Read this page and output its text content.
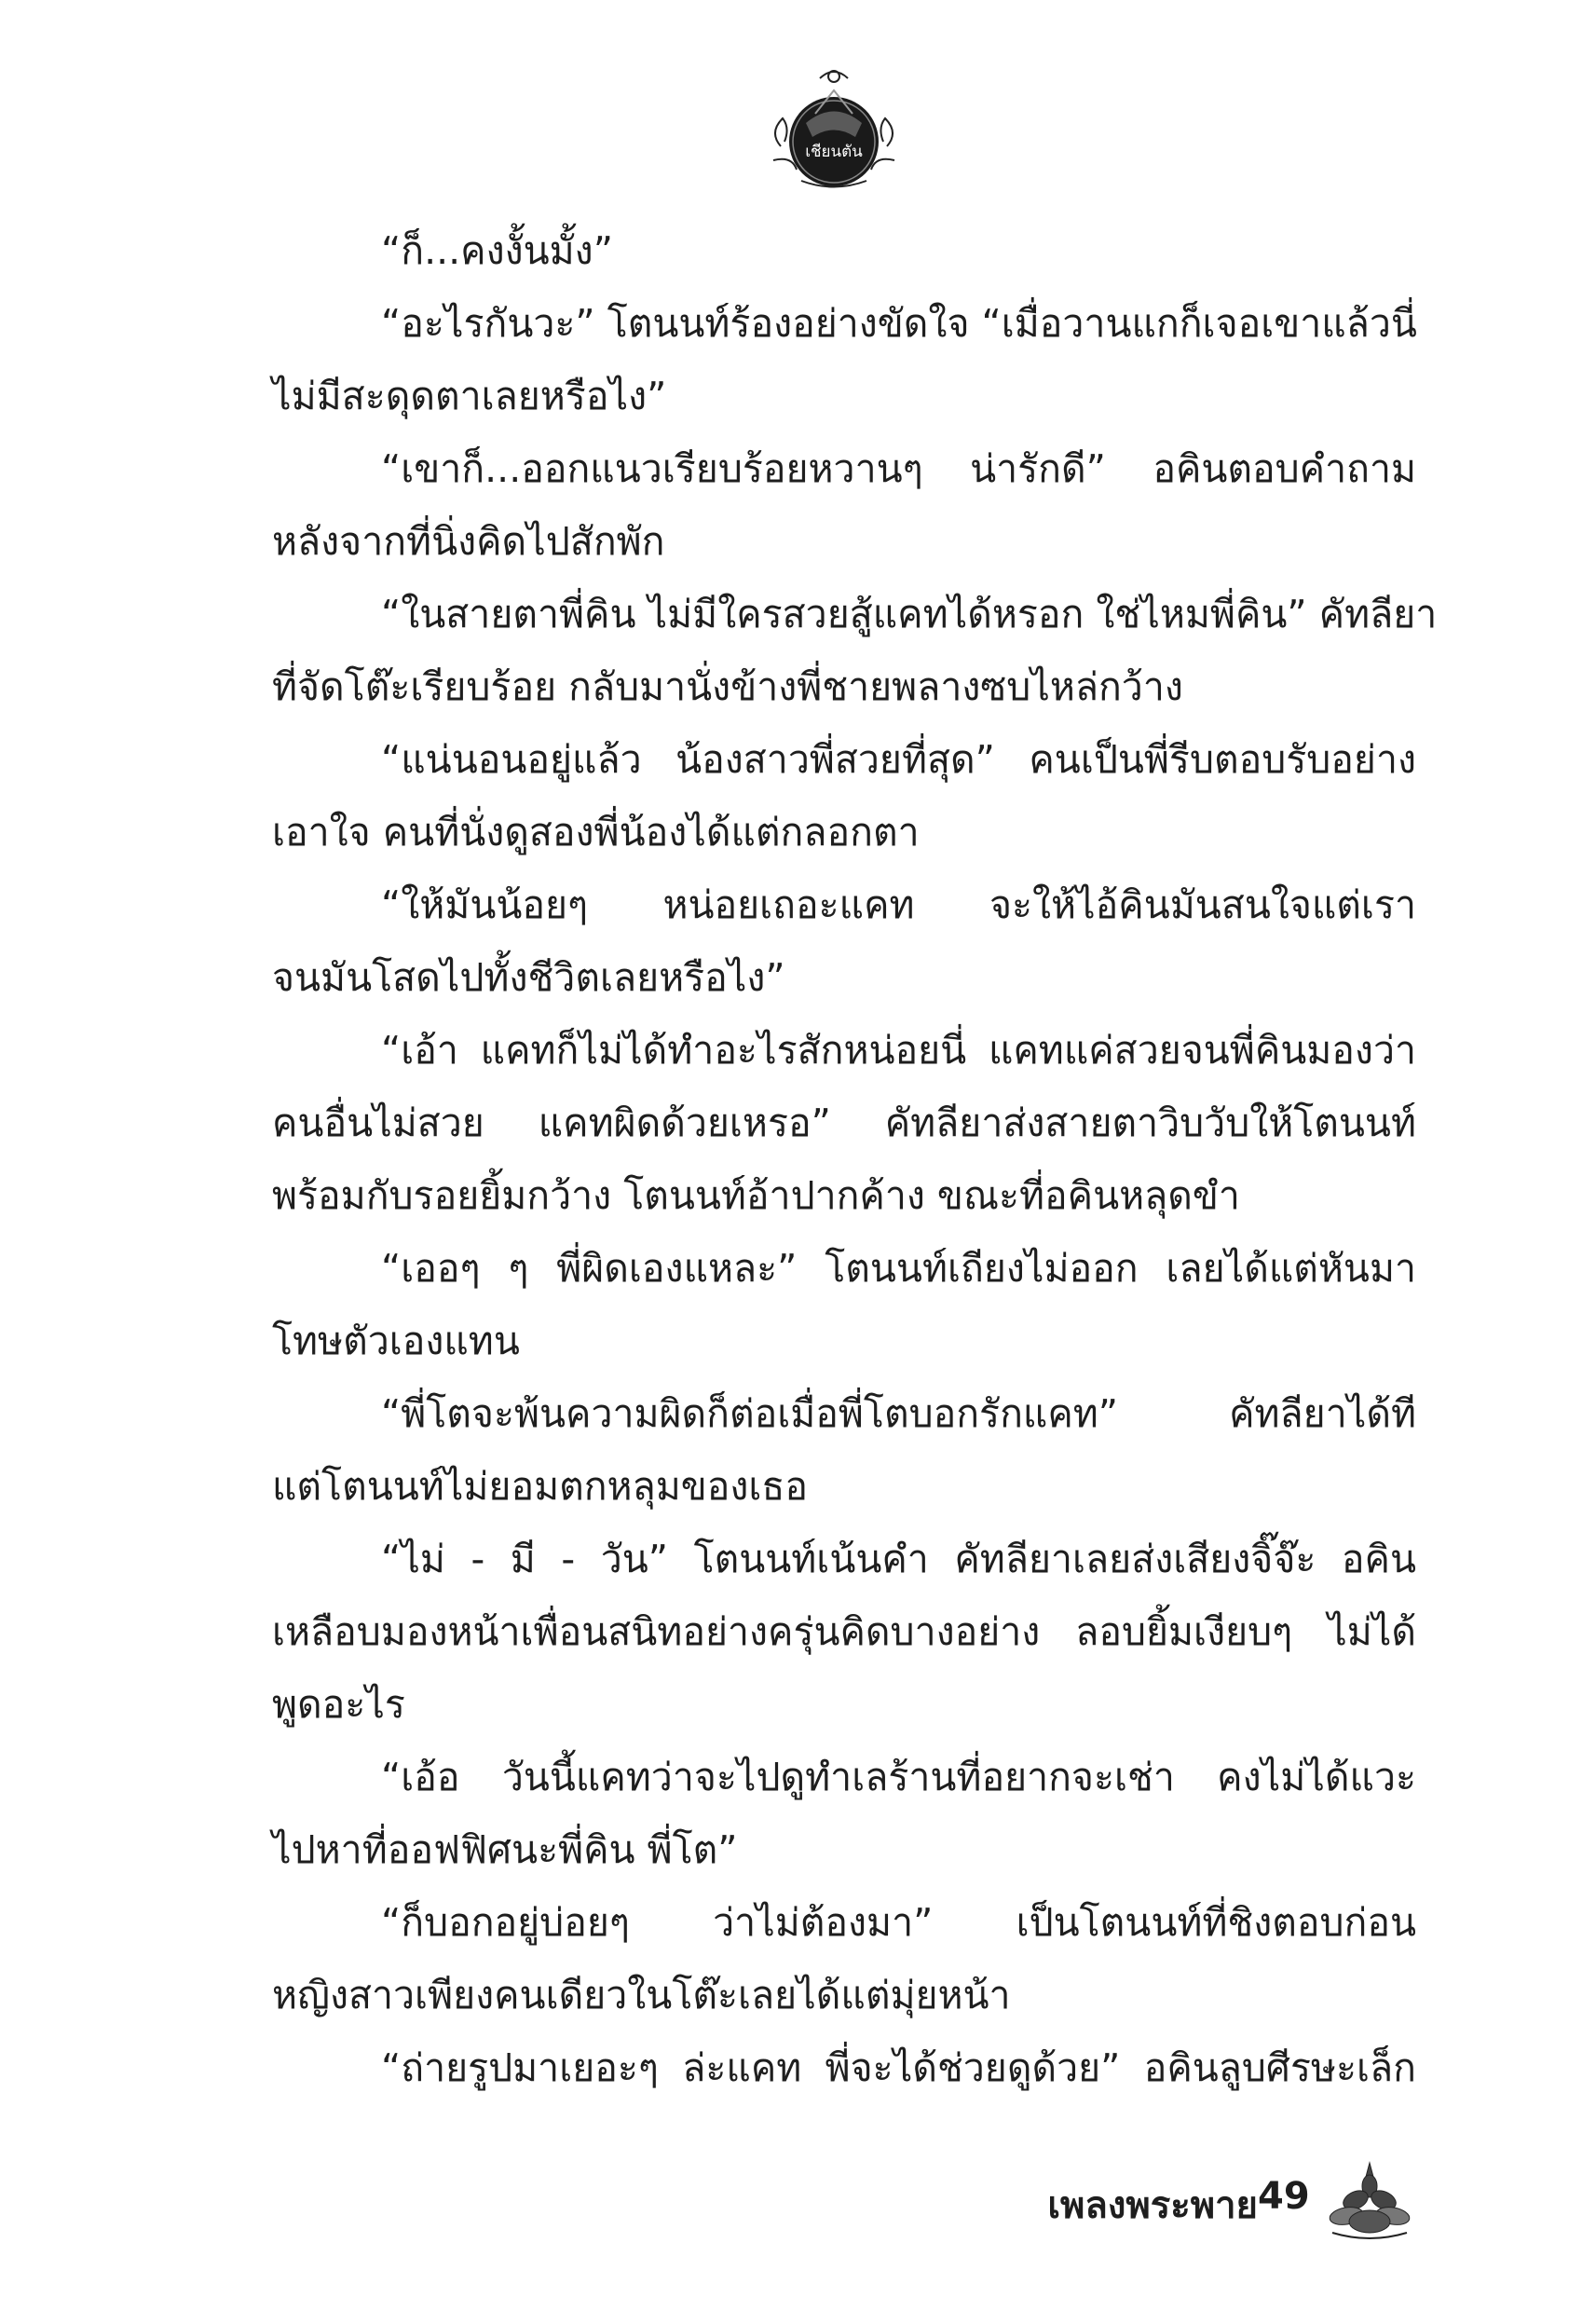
เชียนตัน
“ก็...คงงั้นมั้ง”
“อะไรกันวะ” โตนนท์ร้องอย่างขัดใจ “เมื่อวานแกก็เจอเขาแล้วนี่
ไม่มีสะดุดตาเลยหรือไง”
“เขาก็...ออกแนวเรียบร้อยหวานๆ น่ารักดี” อคินตอบคำถาม
หลังจากที่นิ่งคิดไปสักพัก
“ในสายตาพี่คิน ไม่มีใครสวยสู้แคทได้หรอก ใช่ไหมพี่คิน” คัทลียา
ที่จัดโต๊ะเรียบร้อย กลับมานั่งข้างพี่ชายพลางซบไหล่กว้าง
“แน่นอนอยู่แล้ว น้องสาวพี่สวยที่สุด” คนเป็นพี่รีบตอบรับอย่าง
เอาใจ คนที่นั่งดูสองพี่น้องได้แต่กลอกตา
“ให้มันน้อยๆ หน่อยเถอะแคท จะให้ไอ้คินมันสนใจแต่เรา
จนมันโสดไปทั้งชีวิตเลยหรือไง”
“เอ้า แคทก็ไม่ได้ทำอะไรสักหน่อยนี่ แคทแค่สวยจนพี่คินมองว่า
คนอื่นไม่สวย แคทผิดด้วยเหรอ” คัทลียาส่งสายตาวิบวับให้โตนนท์
พร้อมกับรอยยิ้มกว้าง โตนนท์อ้าปากค้าง ขณะที่อคินหลุดขำ
“เออๆ ๆ พี่ผิดเองแหละ” โตนนท์เถียงไม่ออก เลยได้แต่หันมา
โทษตัวเองแทน
“พี่โตจะพ้นความผิดก็ต่อเมื่อพี่โตบอกรักแคท” คัทลียาได้ที
แต่โตนนท์ไม่ยอมตกหลุมของเธอ
“ไม่ - มี - วัน” โตนนท์เน้นคำ คัทลียาเลยส่งเสียงจิ๊จ๊ะ อคิน
เหลือบมองหน้าเพื่อนสนิทอย่างครุ่นคิดบางอย่าง ลอบยิ้มเงียบๆ ไม่ได้
พูดอะไร
“เอ้อ วันนี้แคทว่าจะไปดูทำเลร้านที่อยากจะเช่า คงไม่ได้แวะ
ไปหาที่ออฟฟิศนะพี่คิน พี่โต”
“ก็บอกอยู่บ่อยๆ ว่าไม่ต้องมา” เป็นโตนนท์ที่ชิงตอบก่อน
หญิงสาวเพียงคนเดียวในโต๊ะเลยได้แต่มุ่ยหน้า
“ถ่ายรูปมาเยอะๆ ล่ะแคท พี่จะได้ช่วยดูด้วย” อคินลูบศีรษะเล็ก
เพลงพระพาย 49
